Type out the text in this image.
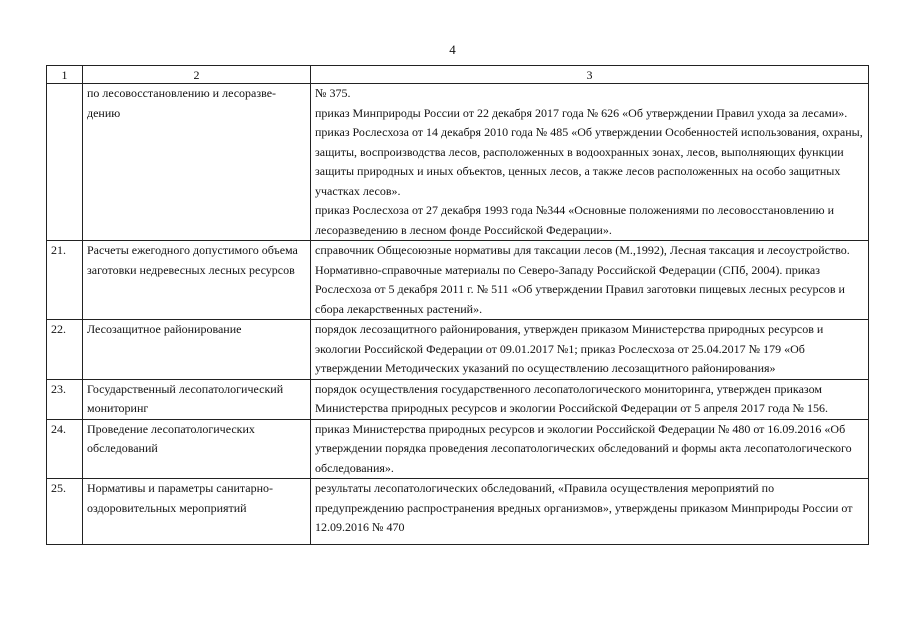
4
1	2	3
	по лесовосстановлению и лесоразве-дению	№ 375.
приказ Минприроды России от 22 декабря 2017 года № 626 «Об утверждении Правил ухода за лесами».
приказ Рослесхоза от 14 декабря 2010 года № 485 «Об утверждении Особенностей использования, охраны, защиты, воспроизводства лесов, расположенных в водоохранных зонах, лесов, выполняющих функции защиты природных и иных объектов, ценных лесов, а также лесов расположенных на особо защитных участках лесов».
приказ Рослесхоза от 27 декабря 1993 года №344 «Основные положениями по лесовосстановлению и лесоразведению в лесном фонде Российской Федерации».

21.	Расчеты ежегодного допустимого объема заготовки недревесных лесных ресурсов	справочник Общесоюзные нормативы для таксации лесов (М.,1992), Лесная таксация и лесоустройство. Нормативно-справочные материалы по Северо-Западу Российской Федерации (СПб, 2004). приказ Рослесхоза от 5 декабря 2011 г. № 511 «Об утверждении Правил заготовки пищевых лесных ресурсов и сбора лекарственных растений».

22.	Лесозащитное районирование	порядок лесозащитного районирования, утвержден приказом Министерства природных ресурсов и экологии Российской Федерации от 09.01.2017 №1; приказ Рослесхоза от 25.04.2017 № 179 «Об утверждении Методических указаний по осуществлению лесозащитного районирования»

23.	Государственный лесопатологический мониторинг	порядок осуществления государственного лесопатологического мониторинга, утвержден приказом Министерства природных ресурсов и экологии Российской Федерации от 5 апреля 2017 года № 156.

24.	Проведение лесопатологических обследований	приказ Министерства природных ресурсов и экологии Российской Федерации № 480 от 16.09.2016 «Об утверждении порядка проведения лесопатологических обследований и формы акта лесопатологического обследования».

25.	Нормативы и параметры санитарно-оздоровительных мероприятий	результаты лесопатологических обследований, «Правила осуществления мероприятий по предупреждению распространения вредных организмов», утверждены приказом Минприроды России от 12.09.2016 № 470
